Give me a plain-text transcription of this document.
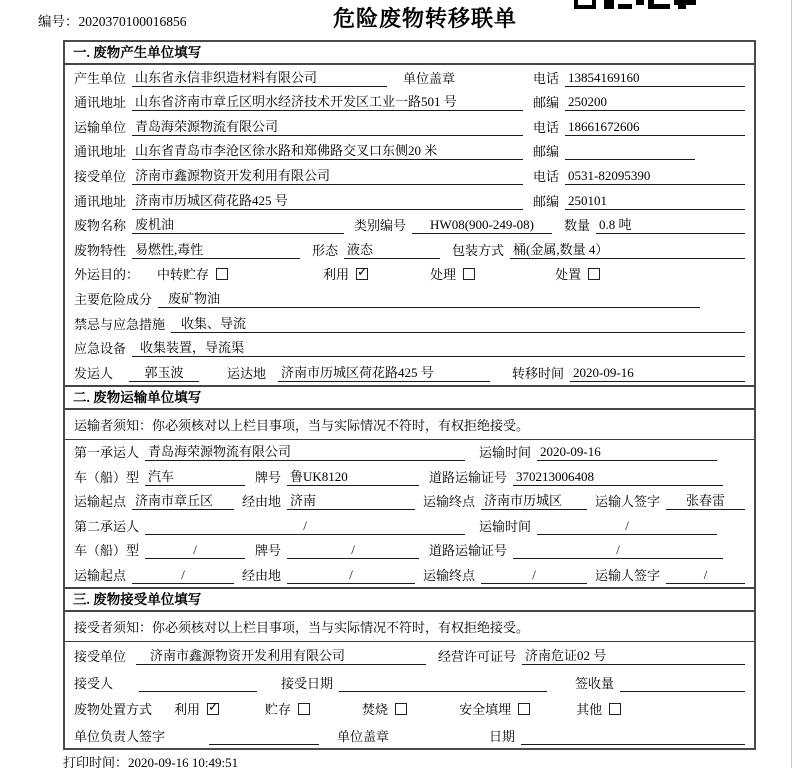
编号：2020370100016856	危险废物转移联单
一. 废物产生单位填写
产生单位 山东省永信非织造材料有限公司	单位盖章	电话 13854169160
通讯地址 山东省济南市章丘区明水经济技术开发区工业一路501 号	邮编 250200
运输单位 青岛海荣源物流有限公司	电话 18661672606
通讯地址 山东省青岛市李沧区徐水路和郑佛路交叉口东侧20 米	邮编
接受单位 济南市鑫源物资开发利用有限公司	电话 0531-82095390
通讯地址 济南市历城区荷花路425 号	邮编 250101
废物名称 废机油	类别编号	HW08(900-249-08)	数量 0.8 吨
废物特性 易燃性,毒性	形态 液态	包装方式 桶(金属,数量 4）
外运目的： 中转贮存	利用 ✓	处理	处置
主要危险成分	废矿物油
禁忌与应急措施	收集、导流
应急设备	收集装置，导流渠
发运人	郭玉波	运达地 济南市历城区荷花路425 号	转移时间 2020-09-16
二. 废物运输单位填写
运输者须知：你必须核对以上栏目事项，当与实际情况不符时，有权拒绝接受。
第一承运人 青岛海荣源物流有限公司	运输时间 2020-09-16
车（船）型 汽车	牌号 鲁UK8120	道路运输证号 370213006408
运输起点 济南市章丘区	经由地 济南	运输终点 济南市历城区	运输人签字	张春雷
第二承运人	/	运输时间	/
车（船）型	/	牌号	/	道路运输证号	/
运输起点	/	经由地	/	运输终点	/	运输人签字	/
三. 废物接受单位填写
接受者须知：你必须核对以上栏目事项，当与实际情况不符时，有权拒绝接受。
接受单位	济南市鑫源物资开发利用有限公司	经营许可证号 济南危证02 号
接受人	接受日期	签收量
废物处置方式 利用 ✓	贮存	焚烧	安全填埋	其他
单位负责人签字	单位盖章	日期
打印时间：2020-09-16 10:49:51
